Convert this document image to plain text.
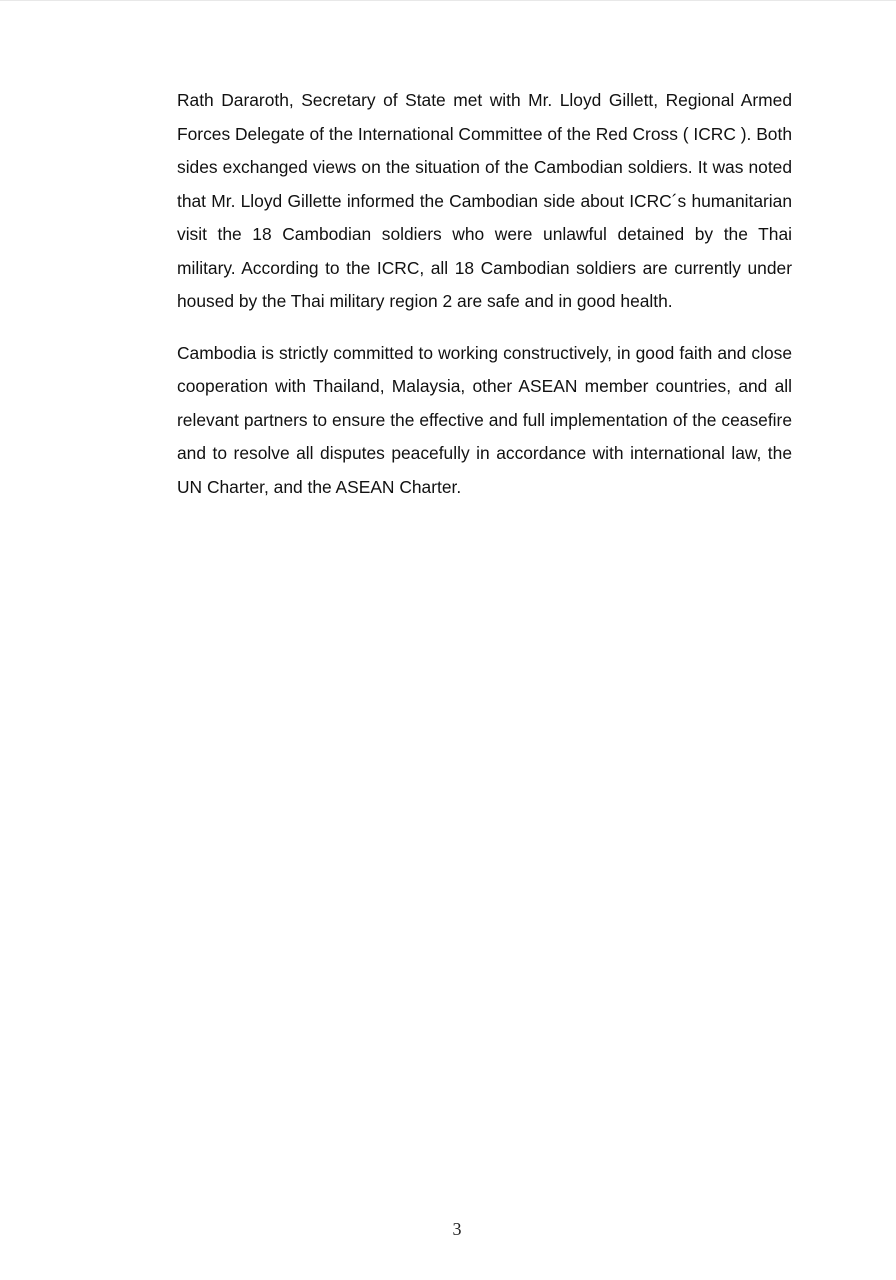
Rath Dararoth, Secretary of State met with Mr. Lloyd Gillett, Regional Armed Forces Delegate of the International Committee of the Red Cross ( ICRC ). Both sides exchanged views on the situation of the Cambodian soldiers. It was noted that Mr. Lloyd Gillette informed the Cambodian side about ICRC´s humanitarian visit the 18 Cambodian soldiers who were unlawful detained by the Thai military. According to the ICRC, all 18 Cambodian soldiers are currently under housed by the Thai military region 2 are safe and in good health.

Cambodia is strictly committed to working constructively, in good faith and close cooperation with Thailand, Malaysia, other ASEAN member countries, and all relevant partners to ensure the effective and full implementation of the ceasefire and to resolve all disputes peacefully in accordance with international law, the UN Charter, and the ASEAN Charter.

3
